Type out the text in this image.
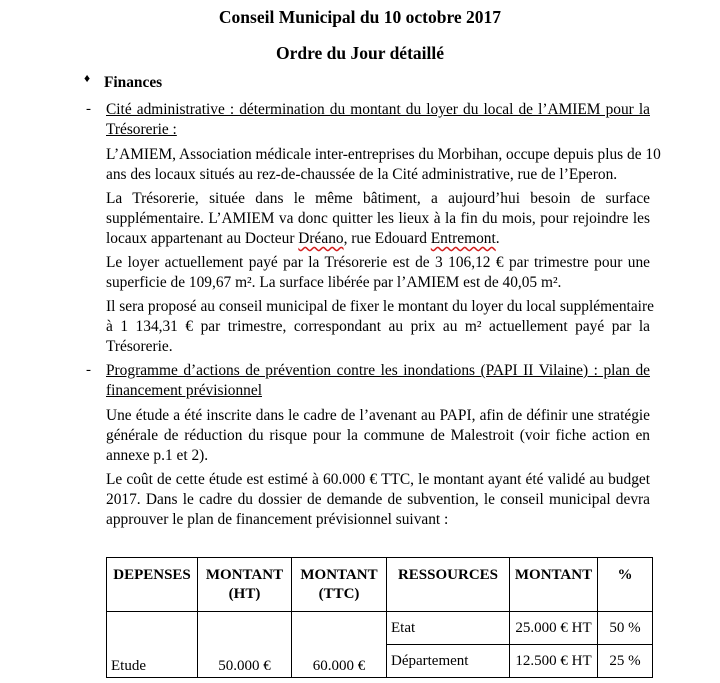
Conseil Municipal du 10 octobre 2017
Ordre du Jour détaillé
♦ Finances
- Cité administrative : détermination du montant du loyer du local de l’AMIEM pour la
Trésorerie :
L’AMIEM, Association médicale inter-entreprises du Morbihan, occupe depuis plus de 10
ans des locaux situés au rez-de-chaussée de la Cité administrative, rue de l’Eperon.
La Trésorerie, située dans le même bâtiment, a aujourd’hui besoin de surface
supplémentaire. L’AMIEM va donc quitter les lieux à la fin du mois, pour rejoindre les
locaux appartenant au Docteur Dréano, rue Edouard Entremont.
Le loyer actuellement payé par la Trésorerie est de 3 106,12 € par trimestre pour une
superficie de 109,67 m². La surface libérée par l’AMIEM est de 40,05 m².
Il sera proposé au conseil municipal de fixer le montant du loyer du local supplémentaire
à 1 134,31 € par trimestre, correspondant au prix au m² actuellement payé par la
Trésorerie.
- Programme d’actions de prévention contre les inondations (PAPI II Vilaine) : plan de
financement prévisionnel
Une étude a été inscrite dans le cadre de l’avenant au PAPI, afin de définir une stratégie
générale de réduction du risque pour la commune de Malestroit (voir fiche action en
annexe p.1 et 2).
Le coût de cette étude est estimé à 60.000 € TTC, le montant ayant été validé au budget
2017. Dans le cadre du dossier de demande de subvention, le conseil municipal devra
approuver le plan de financement prévisionnel suivant :
DEPENSES	MONTANT (HT)	MONTANT (TTC)	RESSOURCES	MONTANT	%
Etude	50.000 €	60.000 €	Etat	25.000 € HT	50 %
			Département	12.500 € HT	25 %
